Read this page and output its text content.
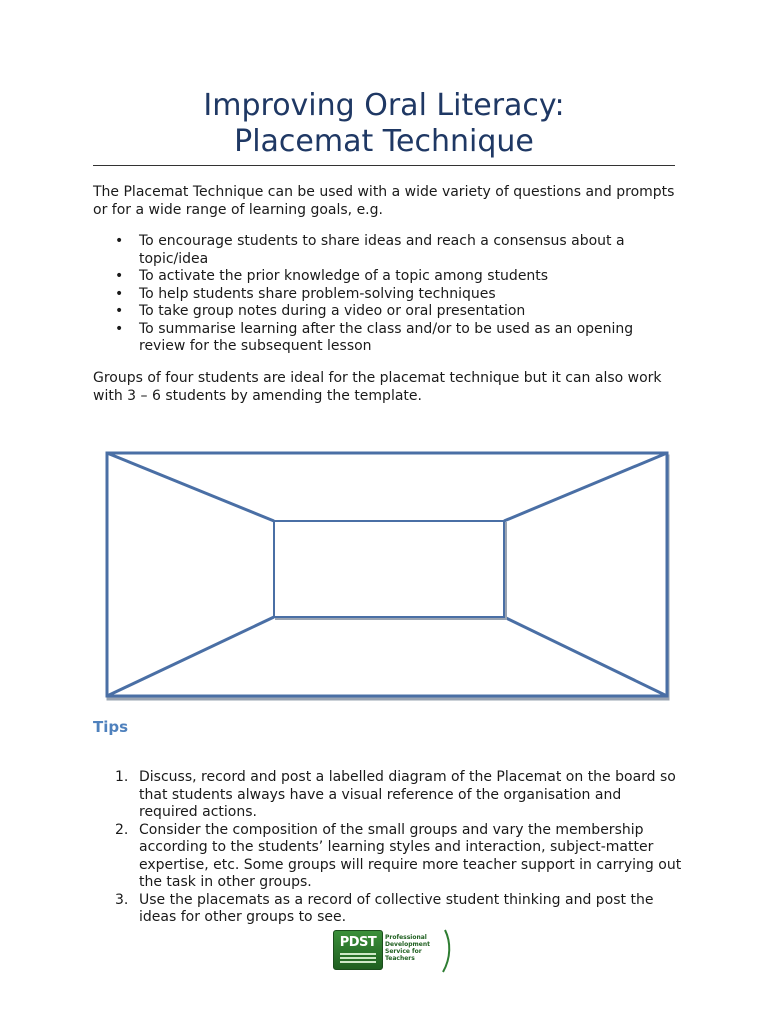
Improving Oral Literacy:
Placemat Technique

The Placemat Technique can be used with a wide variety of questions and prompts or for a wide range of learning goals, e.g.

• To encourage students to share ideas and reach a consensus about a topic/idea
• To activate the prior knowledge of a topic among students
• To help students share problem-solving techniques
• To take group notes during a video or oral presentation
• To summarise learning after the class and/or to be used as an opening review for the subsequent lesson

Groups of four students are ideal for the placemat technique but it can also work with 3 – 6 students by amending the template.

Tips
1. Discuss, record and post a labelled diagram of the Placemat on the board so that students always have a visual reference of the organisation and required actions.
2. Consider the composition of the small groups and vary the membership according to the students’ learning styles and interaction, subject-matter expertise, etc. Some groups will require more teacher support in carrying out the task in other groups.
3. Use the placemats as a record of collective student thinking and post the ideas for other groups to see.
PDST	Professional
Development
Service for Teachers
